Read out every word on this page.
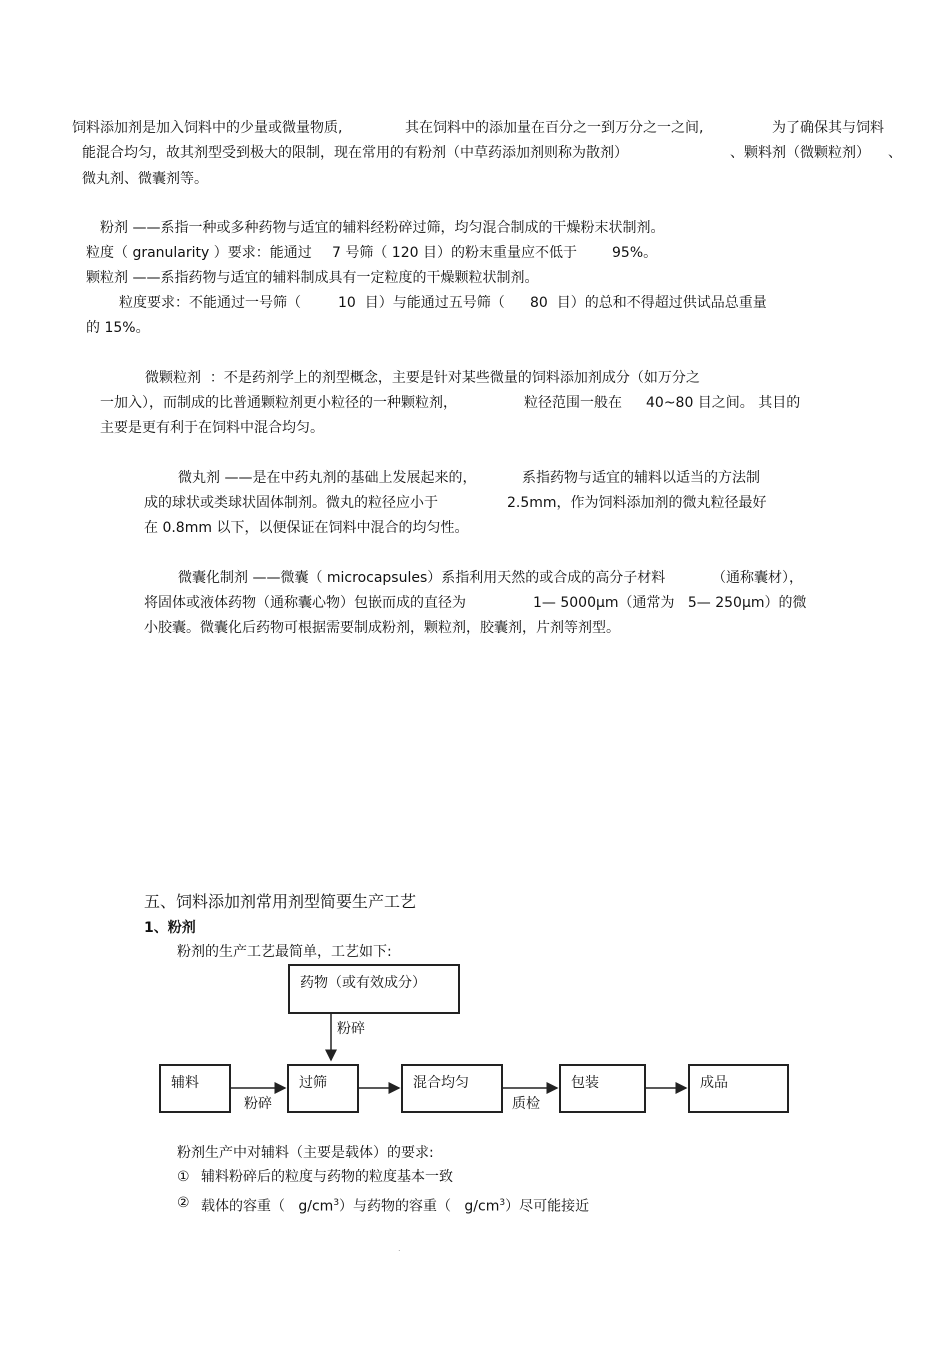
饲料添加剂是加入饲料中的少量或微量物质,	其在饲料中的添加量在百分之一到万分之一之间,	为了确保其与饲料
能混合均匀，故其剂型受到极大的限制，现在常用的有粉剂（中草药添加剂则称为散剂）	、颗料剂（微颗粒剂） 、
微丸剂、微囊剂等。
粉剂 ——系指一种或多种药物与适宜的辅料经粉碎过筛，均匀混合制成的干燥粉末状制剂。
粒度（ granularity ）要求：能通过 7 号筛（ 120 目）的粉末重量应不低于	95%。
颗粒剂 ——系指药物与适宜的辅料制成具有一定粒度的干燥颗粒状制剂。
粒度要求：不能通过一号筛（	10  目）与能通过五号筛（ 80  目）的总和不得超过供试品总重量
的 15%。
微颗粒剂  ：不是药剂学上的剂型概念，主要是针对某些微量的饲料添加剂成分（如万分之
一加入），而制成的比普通颗粒剂更小粒径的一种颗粒剂，	粒径范围一般在 40~80 目之间。 其目的
主要是更有利于在饲料中混合均匀。
微丸剂 ——是在中药丸剂的基础上发展起来的，	系指药物与适宜的辅料以适当的方法制
成的球状或类球状固体制剂。微丸的粒径应小于	2.5mm，作为饲料添加剂的微丸粒径最好
在 0.8mm 以下，以便保证在饲料中混合的均匀性。
微囊化制剂 ——微囊（ microcapsules）系指利用天然的或合成的高分子材料	（通称囊材），
将固体或液体药物（通称囊心物）包嵌而成的直径为	1— 5000μm（通常为   5— 250μm）的微
小胶囊。微囊化后药物可根据需要制成粉剂，颗粒剂，胶囊剂，片剂等剂型。
五、饲料添加剂常用剂型简要生产工艺
1、粉剂
粉剂的生产工艺最简单，工艺如下:
药物（或有效成分）
粉碎
辅料
粉碎
过筛	混合均匀
质检
包装	成品
粉剂生产中对辅料（主要是载体）的要求:
① 辅料粉碎后的粒度与药物的粒度基本一致
② 载体的容重（ $g/cm^3$）与药物的容重（ $g/cm^3$）尽可能接近
.
